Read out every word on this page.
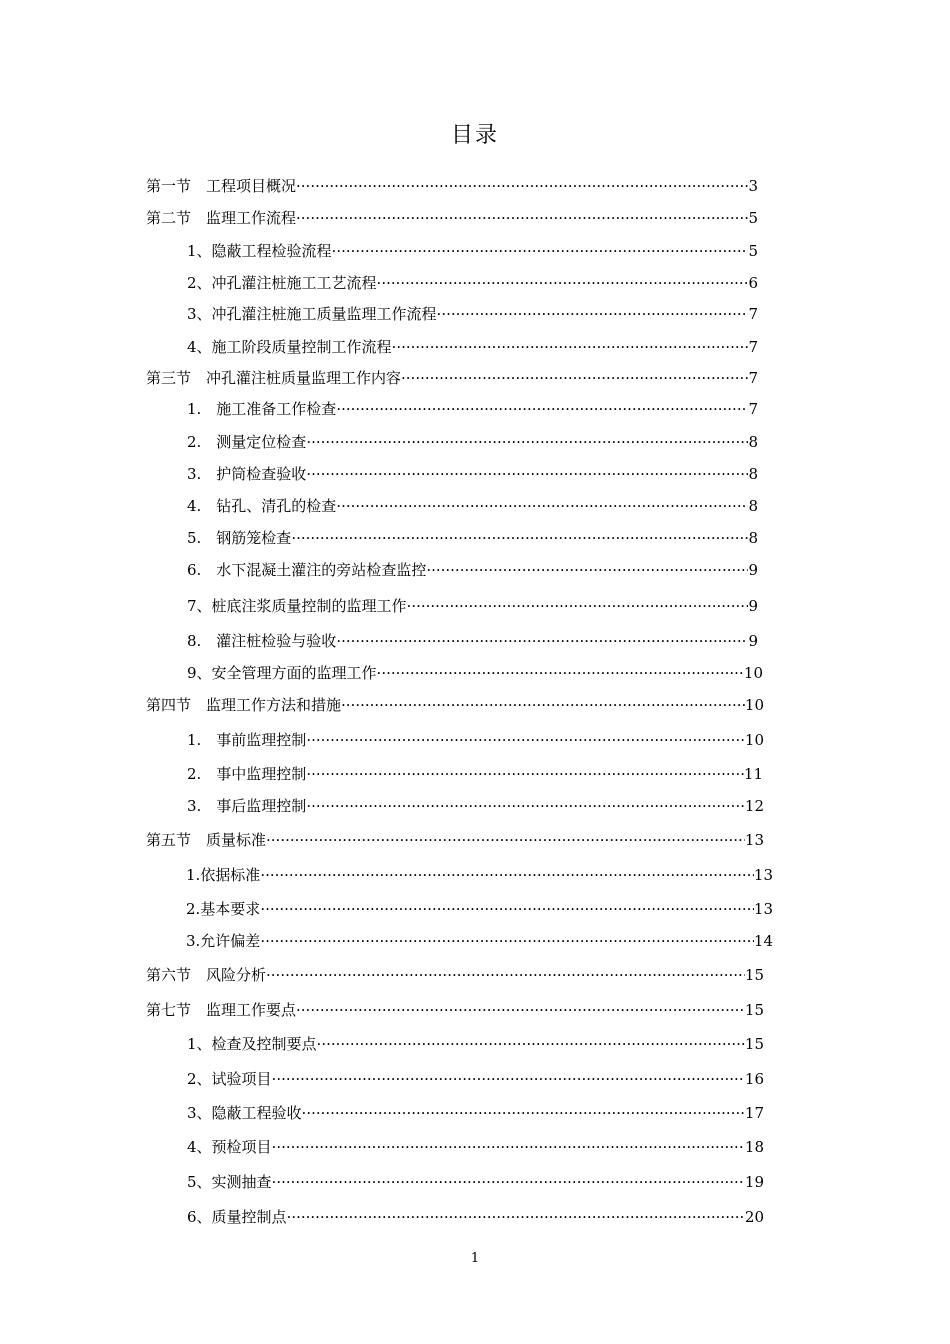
目录
第一节　工程项目概况 ·····	3
第二节　监理工作流程 ·····	5
1、隐蔽工程检验流程 ·····	5
2、冲孔灌注桩施工工艺流程 ·····	6
3、冲孔灌注桩施工质量监理工作流程 ·····	7
4、施工阶段质量控制工作流程 ·····	7
第三节　冲孔灌注桩质量监理工作内容 ·····	7
1.　施工准备工作检查 ·····	7
2.　测量定位检查 ·····	8
3.　护筒检查验收 ·····	8
4.　钻孔、清孔的检查 ·····	8
5.　钢筋笼检查 ·····	8
6.　水下混凝土灌注的旁站检查监控 ·····	9
7、桩底注浆质量控制的监理工作 ·····	9
8.　灌注桩检验与验收 ·····	9
9、安全管理方面的监理工作 ·····	10
第四节　监理工作方法和措施 ·····	10
1.　事前监理控制 ·····	10
2.　事中监理控制 ·····	11
3.　事后监理控制 ·····	12
第五节　质量标准 ·····	13
1.依据标准 ·····	13
2.基本要求 ·····	13
3.允许偏差 ·····	14
第六节　风险分析 ·····	15
第七节　监理工作要点 ·····	15
1、检查及控制要点 ·····	15
2、试验项目 ·····	16
3、隐蔽工程验收 ·····	17
4、预检项目 ·····	18
5、实测抽查 ·····	19
6、质量控制点 ·····	20
1
